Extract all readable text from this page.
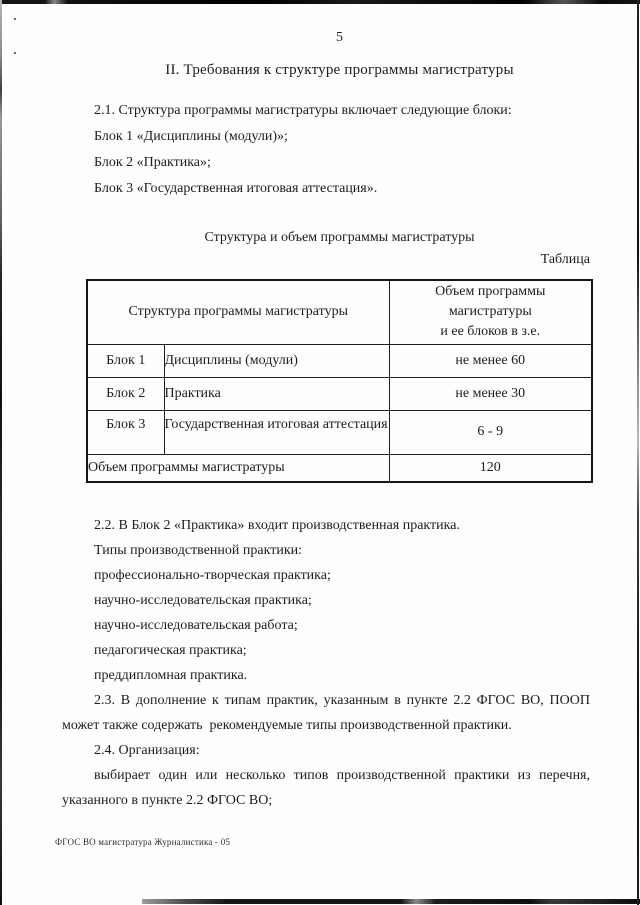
5
II. Требования к структуре программы магистратуры

2.1. Структура программы магистратуры включает следующие блоки:

Блок 1 «Дисциплины (модули)»;

Блок 2 «Практика»;

Блок 3 «Государственная итоговая аттестация».

Структура и объем программы магистратуры
Таблица
Структура программы магистратуры		Объем программы
магистратуры
и ее блоков в з.е.

Блок 1	Дисциплины (модули)	не менее 60
Блок 2	Практика	не менее 30
Блок 3	Государственная итоговая аттестация	6 - 9
Объем программы магистратуры		120

2.2. В Блок 2 «Практика» входит производственная практика.

Типы производственной практики:

профессионально-творческая практика;

научно-исследовательская практика;

научно-исследовательская работа;

педагогическая практика;

преддипломная практика.

2.3. В дополнение к типам практик, указанным в пункте 2.2 ФГОС ВО, ПООП

может также содержать  рекомендуемые типы производственной практики.

2.4. Организация:

выбирает один или несколько типов производственной практики из перечня,

указанного в пункте 2.2 ФГОС ВО;

ФГОС ВО магистратура Журналистика - 05
